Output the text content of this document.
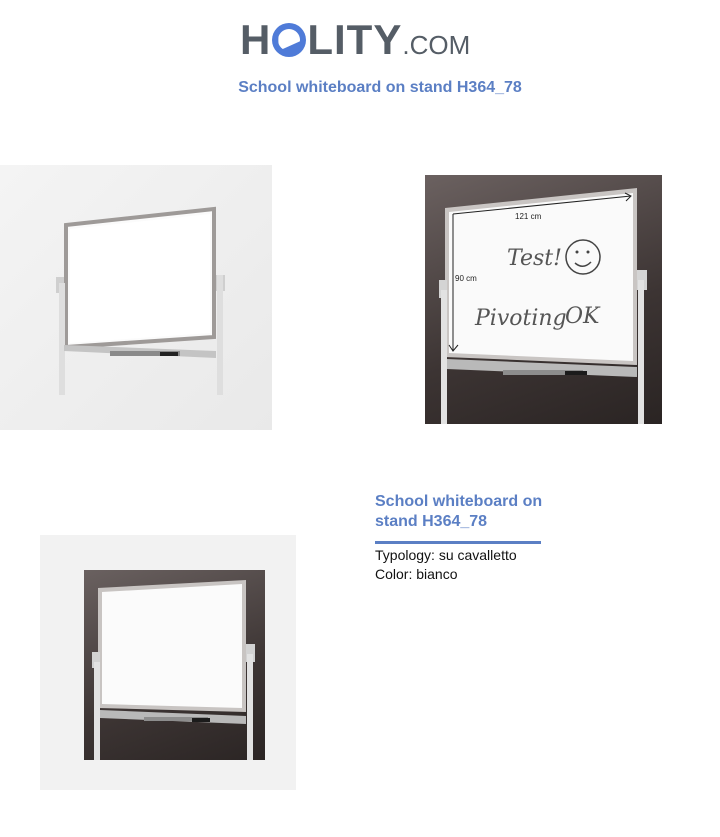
H LITY.COM
School whiteboard on stand H364_78
121 cm
90 cm
Test!
Pivoting
OK
School whiteboard on stand H364_78
Typology: su cavalletto
Color: bianco
